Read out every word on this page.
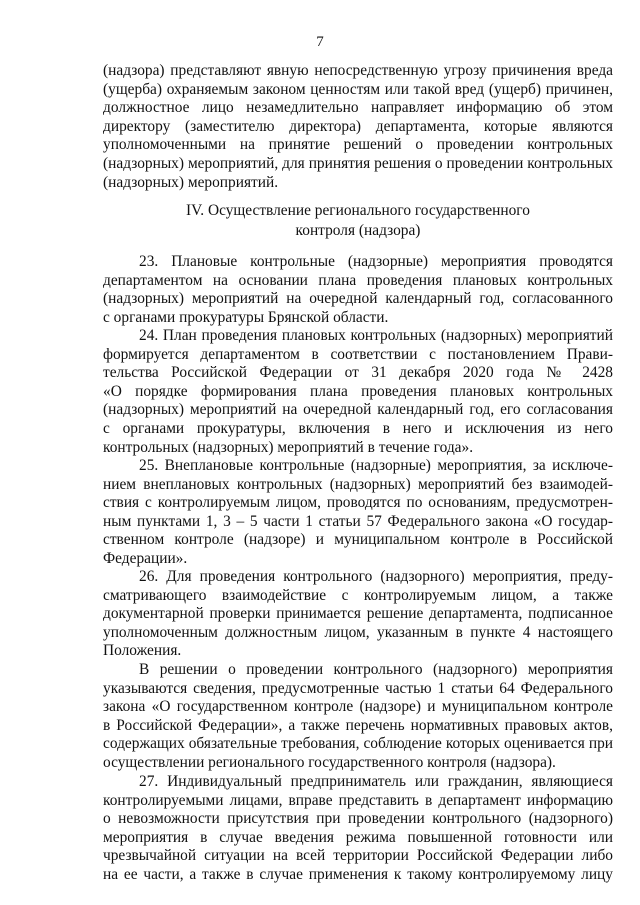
7
(надзора) представляют явную непосредственную угрозу причинения вреда
(ущерба) охраняемым законом ценностям или такой вред (ущерб) причинен,
должностное лицо незамедлительно направляет информацию об этом
директору (заместителю директора) департамента, которые являются
уполномоченными на принятие решений о проведении контрольных
(надзорных) мероприятий, для принятия решения о проведении контрольных
(надзорных) мероприятий.
IV. Осуществление регионального государственного
контроля (надзора)
23. Плановые контрольные (надзорные) мероприятия проводятся
департаментом на основании плана проведения плановых контрольных
(надзорных) мероприятий на очередной календарный год, согласованного
с органами прокуратуры Брянской области.
24. План проведения плановых контрольных (надзорных) мероприятий
формируется департаментом в соответствии с постановлением Прави-
тельства Российской Федерации от 31 декабря 2020 года № 2428
«О порядке формирования плана проведения плановых контрольных
(надзорных) мероприятий на очередной календарный год, его согласования
с органами прокуратуры, включения в него и исключения из него
контрольных (надзорных) мероприятий в течение года».
25. Внеплановые контрольные (надзорные) мероприятия, за исключе-
нием внеплановых контрольных (надзорных) мероприятий без взаимодей-
ствия с контролируемым лицом, проводятся по основаниям, предусмотрен-
ным пунктами 1, 3 – 5 части 1 статьи 57 Федерального закона «О государ-
ственном контроле (надзоре) и муниципальном контроле в Российской
Федерации».
26. Для проведения контрольного (надзорного) мероприятия, преду-
сматривающего взаимодействие с контролируемым лицом, а также
документарной проверки принимается решение департамента, подписанное
уполномоченным должностным лицом, указанным в пункте 4 настоящего
Положения.
В решении о проведении контрольного (надзорного) мероприятия
указываются сведения, предусмотренные частью 1 статьи 64 Федерального
закона «О государственном контроле (надзоре) и муниципальном контроле
в Российской Федерации», а также перечень нормативных правовых актов,
содержащих обязательные требования, соблюдение которых оценивается при
осуществлении регионального государственного контроля (надзора).
27. Индивидуальный предприниматель или гражданин, являющиеся
контролируемыми лицами, вправе представить в департамент информацию
о невозможности присутствия при проведении контрольного (надзорного)
мероприятия в случае введения режима повышенной готовности или
чрезвычайной ситуации на всей территории Российской Федерации либо
на ее части, а также в случае применения к такому контролируемому лицу
